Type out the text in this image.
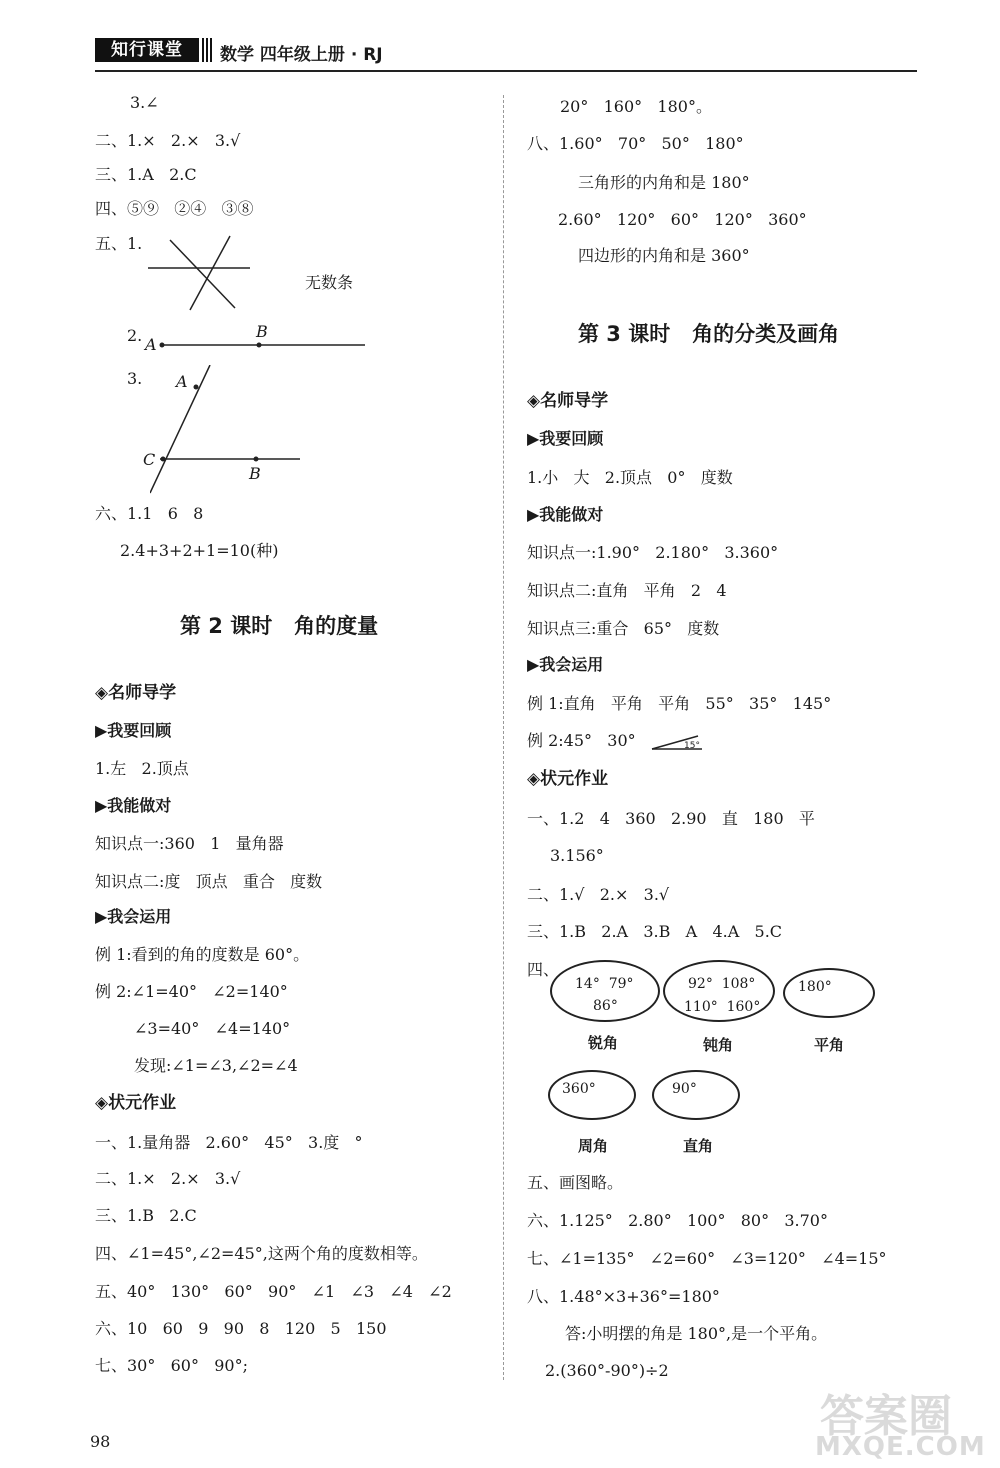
知行课堂	数学 四年级上册 · RJ
3.∠
二、1.×   2.×   3.√
三、1.A   2.C
四、⑤⑨   ②④   ③⑧
五、1.
无数条
2. A
B
3. A
C
B
六、1.1   6   8
2.4+3+2+1=10(种)
第 2 课时   角的度量
◈名师导学
▶我要回顾
1.左   2.顶点
▶我能做对
知识点一:360   1   量角器
知识点二:度   顶点   重合   度数
▶我会运用
例 1:看到的角的度数是 60°。
例 2:∠1=40°   ∠2=140°
∠3=40°   ∠4=140°
发现:∠1=∠3,∠2=∠4
◈状元作业
一、1.量角器   2.60°   45°   3.度   °
二、1.×   2.×   3.√
三、1.B   2.C
四、∠1=45°,∠2=45°,这两个角的度数相等。
五、40°   130°   60°   90°   ∠1   ∠3   ∠4   ∠2
六、10   60   9   90   8   120   5   150
七、30°   60°   90°;
98
20°   160°   180°。
八、1.60°   70°   50°   180°
三角形的内角和是 180°
2.60°   120°   60°   120°   360°
四边形的内角和是 360°
第 3 课时   角的分类及画角
◈名师导学
▶我要回顾
1.小   大   2.顶点   0°   度数
▶我能做对
知识点一:1.90°   2.180°   3.360°
知识点二:直角   平角   2   4
知识点三:重合   65°   度数
▶我会运用
例 1:直角   平角   平角   55°   35°   145°
例 2:45°   30°	15°
◈状元作业
一、1.2   4   360   2.90   直   180   平
3.156°
二、1.√   2.×   3.√
三、1.B   2.A   3.B   A   4.A   5.C
四、
14°  79°
86°
锐角
92°  108°
110°  160°
钝角
180°
平角
360°
周角
90°
直角
五、画图略。
六、1.125°   2.80°   100°   80°   3.70°
七、∠1=135°   ∠2=60°   ∠3=120°   ∠4=15°
八、1.48°×3+36°=180°
答:小明摆的角是 180°,是一个平角。
2.(360°-90°)÷2
答案圈
MXQE.COM
